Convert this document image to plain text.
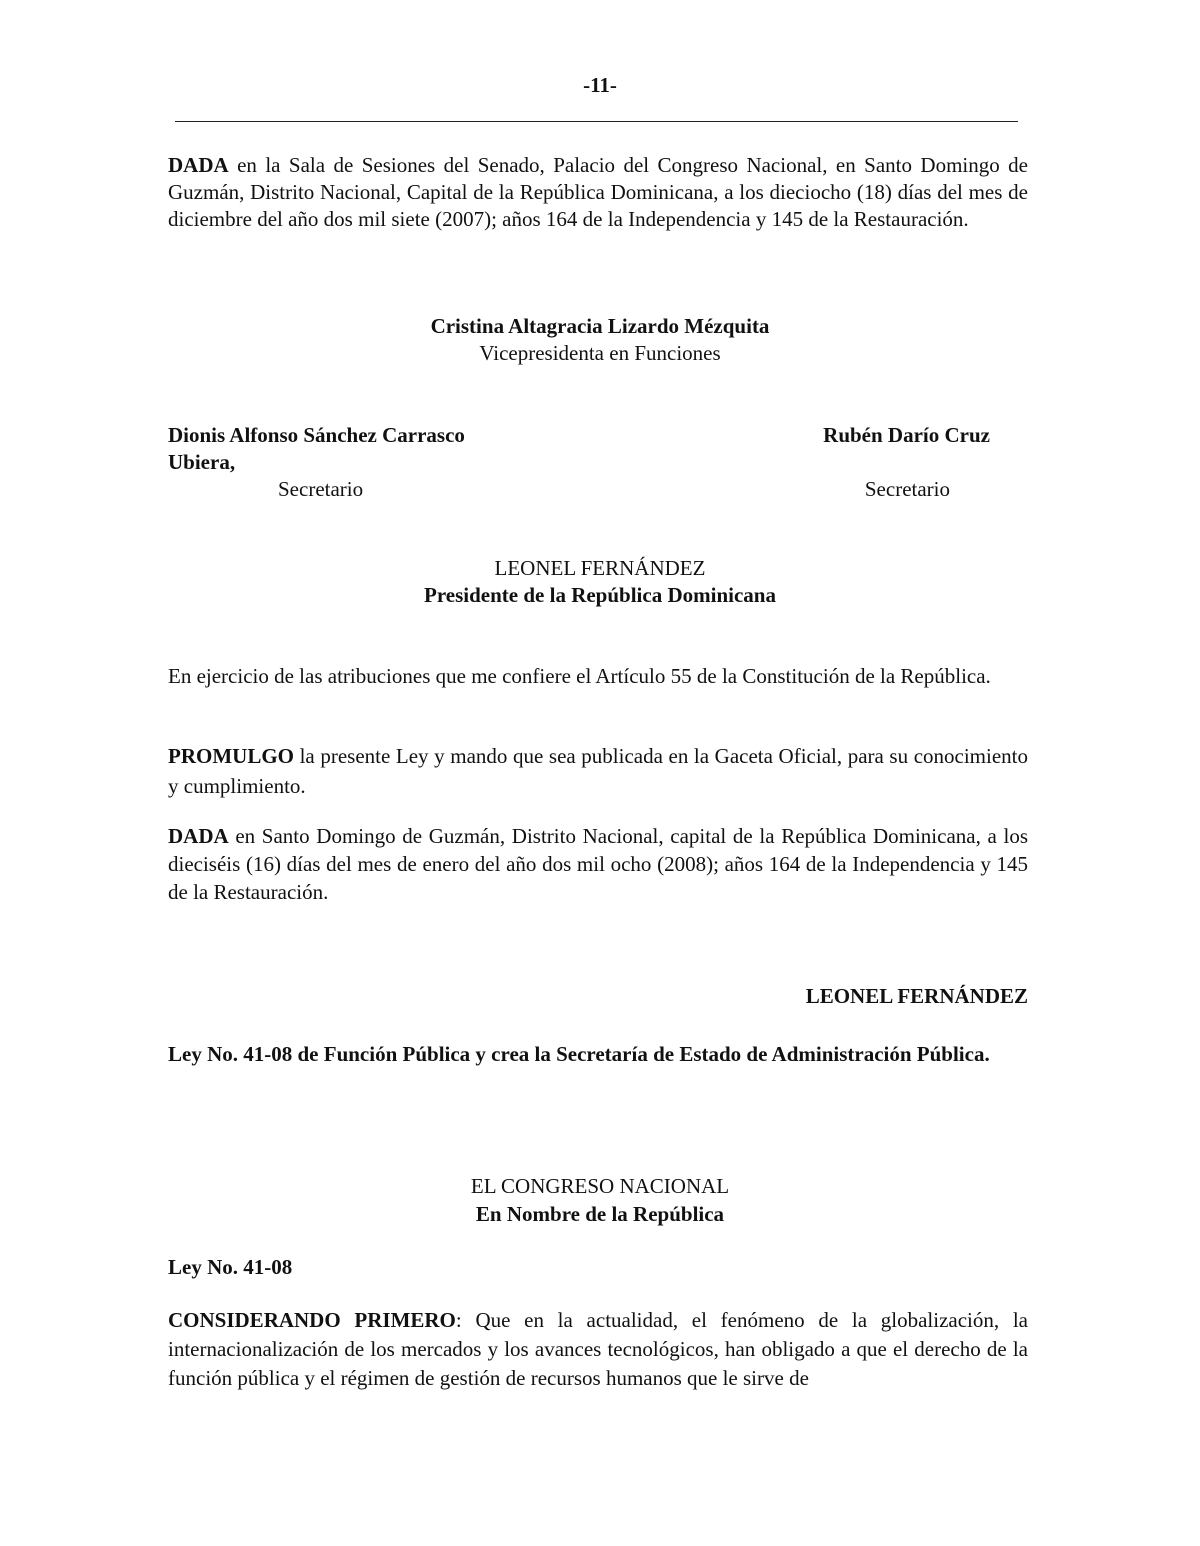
-11-
DADA en la Sala de Sesiones del Senado, Palacio del Congreso Nacional, en Santo Domingo de Guzmán, Distrito Nacional, Capital de la República Dominicana, a los dieciocho (18) días del mes de diciembre del año dos mil siete (2007); años 164 de la Independencia y 145 de la Restauración.
Cristina Altagracia Lizardo Mézquita
Vicepresidenta en Funciones
Dionis Alfonso Sánchez Carrasco
Ubiera,
Secretario
Rubén Darío Cruz
Secretario
LEONEL FERNÁNDEZ
Presidente de la República Dominicana
En ejercicio de las atribuciones que me confiere el Artículo 55 de la Constitución de la República.
PROMULGO la presente Ley y mando que sea publicada en la Gaceta Oficial, para su conocimiento y cumplimiento.
DADA en Santo Domingo de Guzmán, Distrito Nacional, capital de la República Dominicana, a los dieciséis (16) días del mes de enero del año dos mil ocho (2008); años 164 de la Independencia y 145 de la Restauración.
LEONEL FERNÁNDEZ
Ley No. 41-08 de Función Pública y crea la Secretaría de Estado de Administración Pública.
EL CONGRESO NACIONAL
En Nombre de la República
Ley No. 41-08
CONSIDERANDO PRIMERO: Que en la actualidad, el fenómeno de la globalización, la internacionalización de los mercados y los avances tecnológicos, han obligado a que el derecho de la función pública y el régimen de gestión de recursos humanos que le sirve de
